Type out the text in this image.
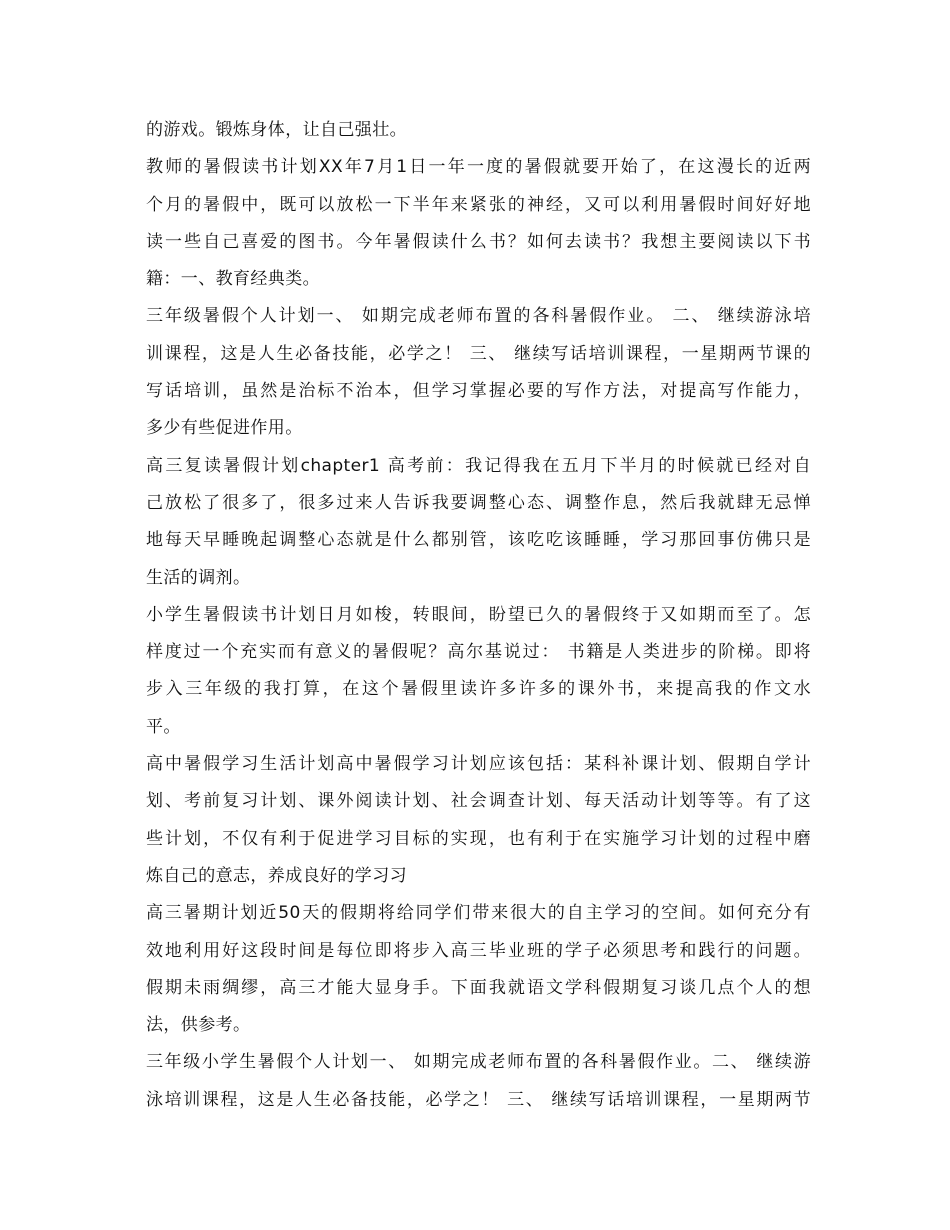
的游戏。锻炼身体，让自己强壮。
教师的暑假读书计划XX年7月1日一年一度的暑假就要开始了，在这漫长的近两
个月的暑假中，既可以放松一下半年来紧张的神经，又可以利用暑假时间好好地
读一些自己喜爱的图书。今年暑假读什么书？如何去读书？我想主要阅读以下书
籍：一、教育经典类。
三年级暑假个人计划一、 如期完成老师布置的各科暑假作业。 二、 继续游泳培
训课程，这是人生必备技能，必学之！ 三、 继续写话培训课程，一星期两节课的
写话培训，虽然是治标不治本，但学习掌握必要的写作方法，对提高写作能力，
多少有些促进作用。
高三复读暑假计划chapter1 高考前：我记得我在五月下半月的时候就已经对自
己放松了很多了，很多过来人告诉我要调整心态、调整作息，然后我就肆无忌惮
地每天早睡晚起调整心态就是什么都别管，该吃吃该睡睡，学习那回事仿佛只是
生活的调剂。
小学生暑假读书计划日月如梭，转眼间，盼望已久的暑假终于又如期而至了。怎
样度过一个充实而有意义的暑假呢？高尔基说过： 书籍是人类进步的阶梯。即将
步入三年级的我打算，在这个暑假里读许多许多的课外书，来提高我的作文水
平。
高中暑假学习生活计划高中暑假学习计划应该包括：某科补课计划、假期自学计
划、考前复习计划、课外阅读计划、社会调查计划、每天活动计划等等。有了这
些计划，不仅有利于促进学习目标的实现，也有利于在实施学习计划的过程中磨
炼自己的意志，养成良好的学习习
高三暑期计划近50天的假期将给同学们带来很大的自主学习的空间。如何充分有
效地利用好这段时间是每位即将步入高三毕业班的学子必须思考和践行的问题。
假期未雨绸缪，高三才能大显身手。下面我就语文学科假期复习谈几点个人的想
法，供参考。
三年级小学生暑假个人计划一、 如期完成老师布置的各科暑假作业。二、 继续游
泳培训课程，这是人生必备技能，必学之！ 三、 继续写话培训课程，一星期两节
